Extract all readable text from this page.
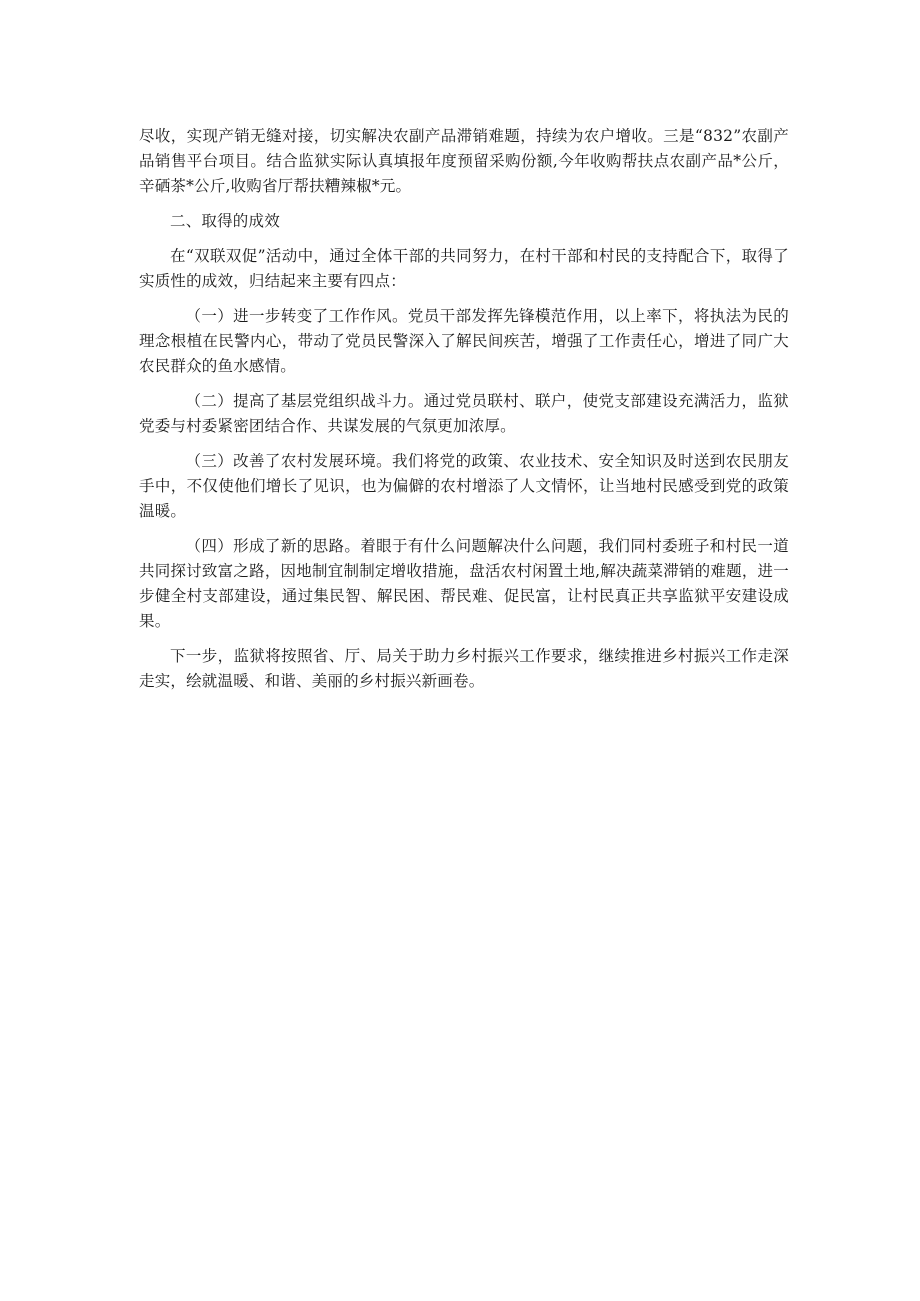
尽收，实现产销无缝对接，切实解决农副产品滞销难题，持续为农户增收。三是“832”农副产品销售平台项目。结合监狱实际认真填报年度预留采购份额,今年收购帮扶点农副产品*公斤，辛硒茶*公斤,收购省厅帮扶糟辣椒*元。

二、取得的成效

在“双联双促”活动中，通过全体干部的共同努力，在村干部和村民的支持配合下，取得了实质性的成效，归结起来主要有四点：

（一）进一步转变了工作作风。党员干部发挥先锋模范作用，以上率下，将执法为民的理念根植在民警内心，带动了党员民警深入了解民间疾苦，增强了工作责任心，增进了同广大农民群众的鱼水感情。

（二）提高了基层党组织战斗力。通过党员联村、联户，使党支部建设充满活力，监狱党委与村委紧密团结合作、共谋发展的气氛更加浓厚。

（三）改善了农村发展环境。我们将党的政策、农业技术、安全知识及时送到农民朋友手中，不仅使他们增长了见识，也为偏僻的农村增添了人文情怀，让当地村民感受到党的政策温暖。

（四）形成了新的思路。着眼于有什么问题解决什么问题，我们同村委班子和村民一道共同探讨致富之路，因地制宜制制定增收措施，盘活农村闲置土地,解决蔬菜滞销的难题，进一步健全村支部建设，通过集民智、解民困、帮民难、促民富，让村民真正共享监狱平安建设成果。

下一步，监狱将按照省、厅、局关于助力乡村振兴工作要求，继续推进乡村振兴工作走深走实，绘就温暖、和谐、美丽的乡村振兴新画卷。
